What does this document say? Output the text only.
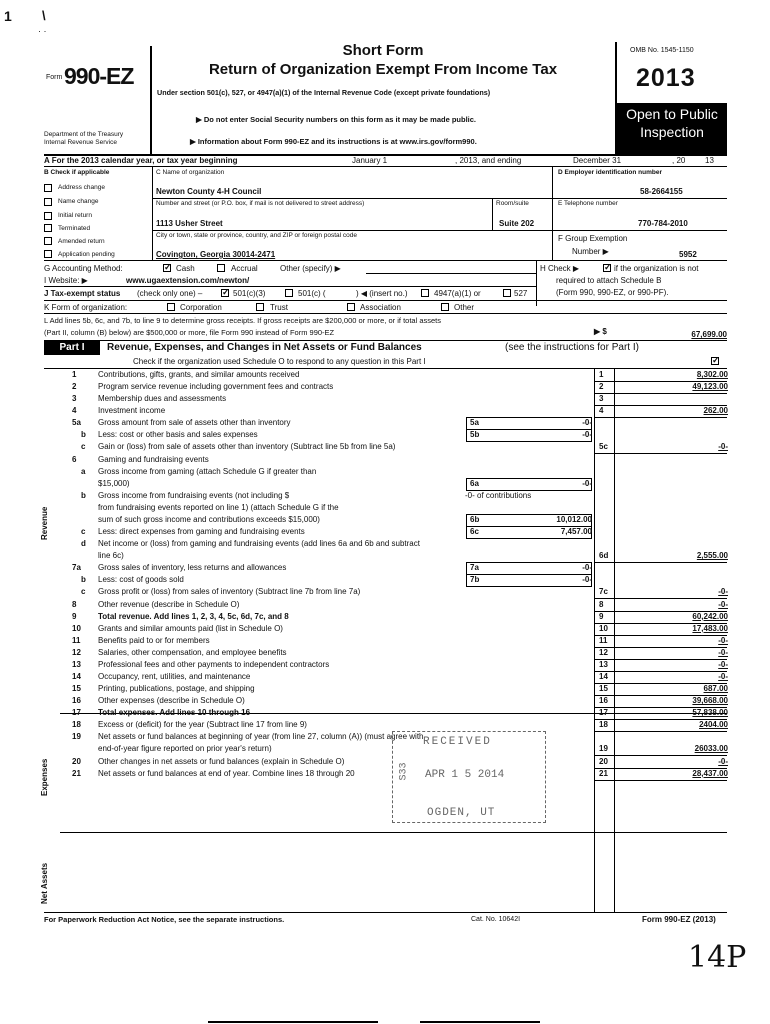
1 \
· ·
Form 990-EZ
Department of the Treasury
Internal Revenue Service
Short Form
Return of Organization Exempt From Income Tax
Under section 501(c), 527, or 4947(a)(1) of the Internal Revenue Code (except private foundations)
▶ Do not enter Social Security numbers on this form as it may be made public.
▶ Information about Form 990-EZ and its instructions is at www.irs.gov/form990.
OMB No. 1545-1150
2013
Open to Public
Inspection
A For the 2013 calendar year, or tax year beginning	January 1	, 2013, and ending	December 31	, 20 13
B Check if applicable
Address change
Name change
Initial return
Terminated
Amended return
Application pending
C Name of organization
Newton County 4-H Council
Number and street (or P.O. box, if mail is not delivered to street address)	Room/suite
1113 Usher Street	Suite 202
City or town, state or province, country, and ZIP or foreign postal code
Covington, Georgia 30014-2471
D Employer identification number
58-2664155
E Telephone number
770-784-2010
F Group Exemption
Number ▶	5952
G Accounting Method: ✓	Cash	Accrual	Other (specify) ▶	H Check ▶ ✓	if the organization is not
required to attach Schedule B
(Form 990, 990-EZ, or 990-PF).
I Website: ▶	www.ugaextension.com/newton/
J Tax-exempt status (check only one) – ✓	501(c)(3)	501(c) (	) ◀ (insert no.)	4947(a)(1) or	527
K Form of organization:	Corporation	Trust	Association	Other
L Add lines 5b, 6c, and 7b, to line 9 to determine gross receipts. If gross receipts are $200,000 or more, or if total assets
(Part II, column (B) below) are $500,000 or more, file Form 990 instead of Form 990-EZ	▶ $	67,699.00
Part I	Revenue, Expenses, and Changes in Net Assets or Fund Balances	(see the instructions for Part I)
Check if the organization used Schedule O to respond to any question in this Part I
✓
Revenue
Expenses
Net Assets
1	Contributions, gifts, grants, and similar amounts received	1	8,302.00
2	Program service revenue including government fees and contracts	2	49,123.00
3	Membership dues and assessments	3
4	Investment income	4	262.00
5a Gross amount from sale of assets other than inventory	5a	-0-
b Less: cost or other basis and sales expenses	5b	-0-
c Gain or (loss) from sale of assets other than inventory (Subtract line 5b from line 5a)	5c	-0-
6	Gaming and fundraising events
a Gross income from gaming (attach Schedule G if greater than
$15,000)	6a	-0-
b Gross income from fundraising events (not including $	-0- of contributions
from fundraising events reported on line 1) (attach Schedule G if the
sum of such gross income and contributions exceeds $15,000)	6b	10,012.00
c Less: direct expenses from gaming and fundraising events	6c	7,457.00
d Net income or (loss) from gaming and fundraising events (add lines 6a and 6b and subtract
line 6c)	6d	2,555.00
7a Gross sales of inventory, less returns and allowances	7a	-0-
b Less: cost of goods sold	7b	-0-
c Gross profit or (loss) from sales of inventory (Subtract line 7b from line 7a)	7c	-0-
8	Other revenue (describe in Schedule O)	8	-0-
9	Total revenue. Add lines 1, 2, 3, 4, 5c, 6d, 7c, and 8	9	60,242.00
10 Grants and similar amounts paid (list in Schedule O)	10	17,483.00
11 Benefits paid to or for members	11	-0-
12 Salaries, other compensation, and employee benefits	12	-0-
13 Professional fees and other payments to independent contractors	13	-0-
14 Occupancy, rent, utilities, and maintenance	14	-0-
15 Printing, publications, postage, and shipping	15	687.00
16 Other expenses (describe in Schedule O)	16	39,668.00
17 Total expenses. Add lines 10 through 16	17	57,838.00
18 Excess or (deficit) for the year (Subtract line 17 from line 9)	18	2404.00
19 Net assets or fund balances at beginning of year (from line 27, column (A)) (must agree with
end-of-year figure reported on prior year's return)	19	26033.00
20 Other changes in net assets or fund balances (explain in Schedule O)	20	-0-
21 Net assets or fund balances at end of year. Combine lines 18 through 20	21	28,437.00
RECEIVED
APR 1 5 2014
OGDEN, UT
S33
For Paperwork Reduction Act Notice, see the separate instructions.	Cat. No. 10642I	Form 990-EZ (2013)
14P
